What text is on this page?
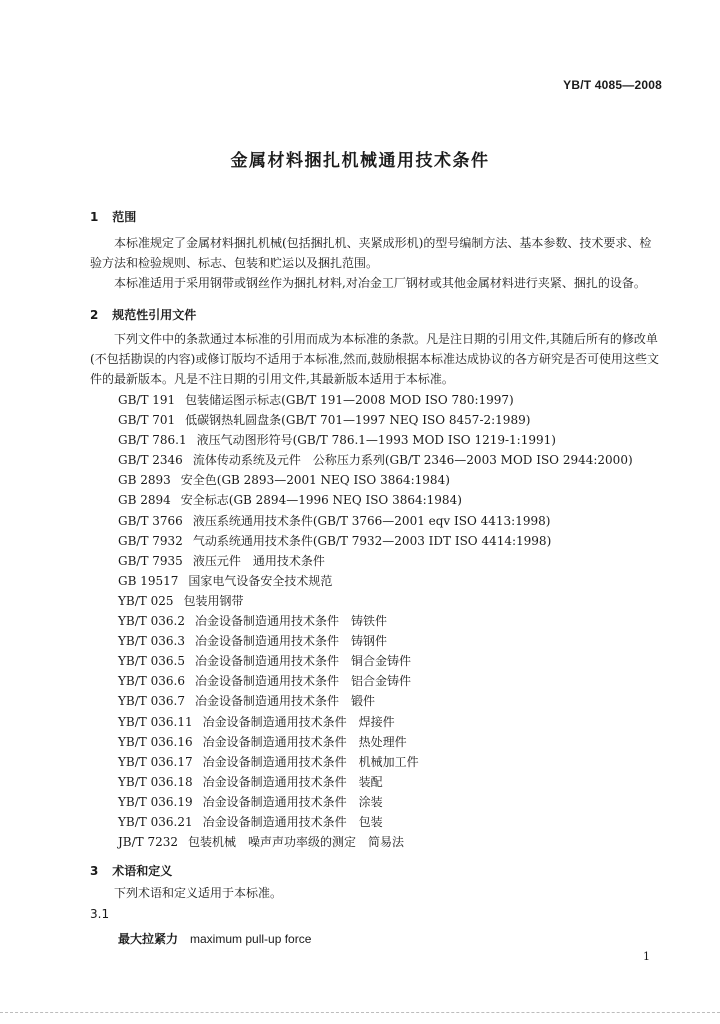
YB/T 4085—2008
金属材料捆扎机械通用技术条件
1 范围

本标准规定了金属材料捆扎机械(包括捆扎机、夹紧成形机)的型号编制方法、基本参数、技术要求、检验方法和检验规则、标志、包装和贮运以及捆扎范围。

本标准适用于采用钢带或钢丝作为捆扎材料,对冶金工厂钢材或其他金属材料进行夹紧、捆扎的设备。

2 规范性引用文件

下列文件中的条款通过本标准的引用而成为本标准的条款。凡是注日期的引用文件,其随后所有的修改单(不包括勘误的内容)或修订版均不适用于本标准,然而,鼓励根据本标准达成协议的各方研究是否可使用这些文件的最新版本。凡是不注日期的引用文件,其最新版本适用于本标准。

GB/T 191 包装储运图示标志(GB/T 191—2008 MOD ISO 780:1997)
GB/T 701 低碳钢热轧圆盘条(GB/T 701—1997 NEQ ISO 8457-2:1989)
GB/T 786.1 液压气动图形符号(GB/T 786.1—1993 MOD ISO 1219-1:1991)
GB/T 2346 流体传动系统及元件　公称压力系列(GB/T 2346—2003 MOD ISO 2944:2000)
GB 2893 安全色(GB 2893—2001 NEQ ISO 3864:1984)
GB 2894 安全标志(GB 2894—1996 NEQ ISO 3864:1984)
GB/T 3766 液压系统通用技术条件(GB/T 3766—2001 eqv ISO 4413:1998)
GB/T 7932 气动系统通用技术条件(GB/T 7932—2003 IDT ISO 4414:1998)
GB/T 7935 液压元件　通用技术条件
GB 19517 国家电气设备安全技术规范
YB/T 025 包装用钢带
YB/T 036.2 冶金设备制造通用技术条件　铸铁件
YB/T 036.3 冶金设备制造通用技术条件　铸钢件
YB/T 036.5 冶金设备制造通用技术条件　铜合金铸件
YB/T 036.6 冶金设备制造通用技术条件　铝合金铸件
YB/T 036.7 冶金设备制造通用技术条件　锻件
YB/T 036.11 冶金设备制造通用技术条件　焊接件
YB/T 036.16 冶金设备制造通用技术条件　热处理件
YB/T 036.17 冶金设备制造通用技术条件　机械加工件
YB/T 036.18 冶金设备制造通用技术条件　装配
YB/T 036.19 冶金设备制造通用技术条件　涂装
YB/T 036.21 冶金设备制造通用技术条件　包装
JB/T 7232 包装机械　噪声声功率级的测定　简易法
3 术语和定义

下列术语和定义适用于本标准。

3.1
最大拉紧力 maximum pull-up force
1
